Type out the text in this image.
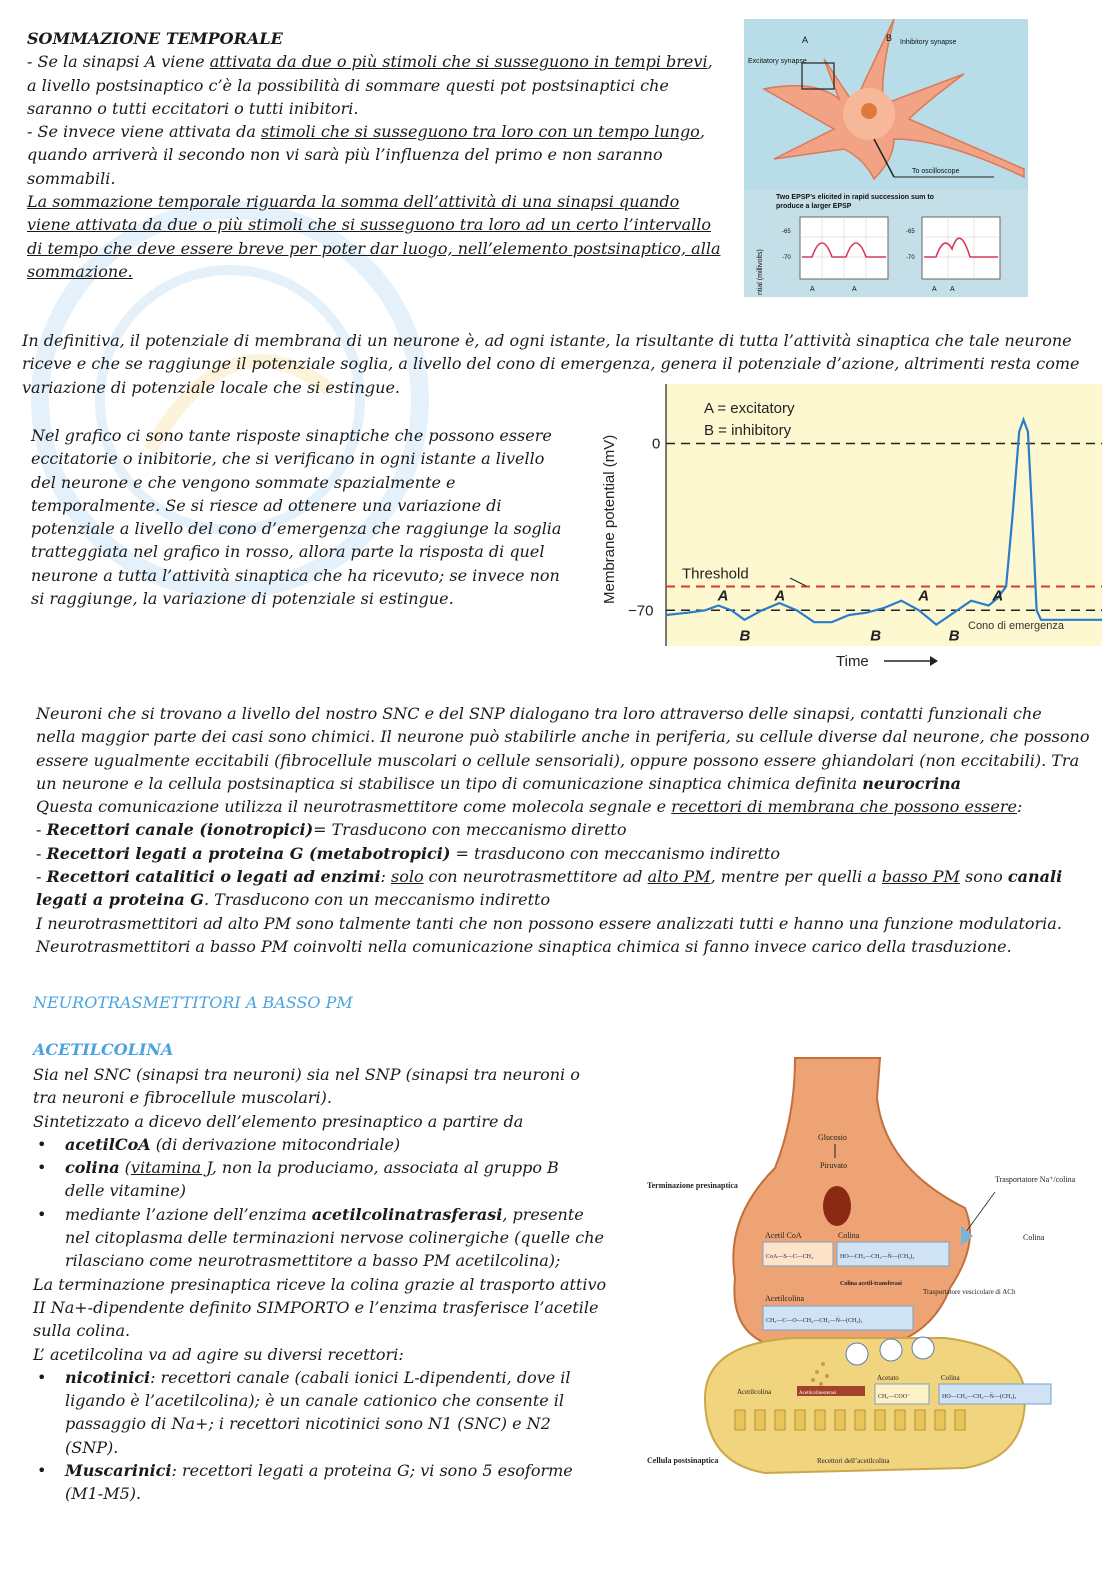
SOMMAZIONE TEMPORALE
- Se la sinapsi A viene attivata da due o più stimoli che si susseguono in tempi brevi,
a livello postsinaptico c’è la possibilità di sommare questi pot postsinaptici che
saranno o tutti eccitatori o tutti inibitori.
- Se invece viene attivata da stimoli che si susseguono tra loro con un tempo lungo,
quando arriverà il secondo non vi sarà più l’influenza del primo e non saranno
sommabili.
La sommazione temporale riguarda la somma dell’attività di una sinapsi quando
viene attivata da due o più stimoli che si susseguono tra loro ad un certo l’intervallo
di tempo che deve essere breve per poter dar luogo, nell’elemento postsinaptico, alla
sommazione.
A	B Inhibitory synapse
Excitatory synapse
To oscilloscope
Two EPSP’s elicited in rapid succession sum to
produce a larger EPSP
ntial (millivolts)
-65
-70
-65
-70
A	A	A A
In definitiva, il potenziale di membrana di un neurone è, ad ogni istante, la risultante di tutta l’attività sinaptica che tale neurone
riceve e che se raggiunge il potenziale soglia, a livello del cono di emergenza, genera il potenziale d’azione, altrimenti resta come
variazione di potenziale locale che si estingue.
Nel grafico ci sono tante risposte sinaptiche che possono essere
eccitatorie o inibitorie, che si verificano in ogni istante a livello
del neurone e che vengono sommate spazialmente e
temporalmente. Se si riesce ad ottenere una variazione di
potenziale a livello del cono d’emergenza che raggiunge la soglia
tratteggiata nel grafico in rosso, allora parte la risposta di quel
neurone a tutta l’attività sinaptica che ha ricevuto; se invece non
si raggiunge, la variazione di potenziale si estingue.	Membrane potential (mV)
A = excitatory
B = inhibitory
0
−70
Threshold
A	A
B	B
A
B
A
Cono di emergenza
Time
Neuroni che si trovano a livello del nostro SNC e del SNP dialogano tra loro attraverso delle sinapsi, contatti funzionali che
nella maggior parte dei casi sono chimici. Il neurone può stabilirle anche in periferia, su cellule diverse dal neurone, che possono
essere ugualmente eccitabili (fibrocellule muscolari o cellule sensoriali), oppure possono essere ghiandolari (non eccitabili). Tra
un neurone e la cellula postsinaptica si stabilisce un tipo di comunicazione sinaptica chimica definita neurocrina
Questa comunicazione utilizza il neurotrasmettitore come molecola segnale e recettori di membrana che possono essere:
- Recettori canale (ionotropici)= Trasducono con meccanismo diretto
- Recettori legati a proteina G (metabotropici) = trasducono con meccanismo indiretto
- Recettori catalitici o legati ad enzimi: solo con neurotrasmettitore ad alto PM, mentre per quelli a basso PM sono canali
legati a proteina G. Trasducono con un meccanismo indiretto
I neurotrasmettitori ad alto PM sono talmente tanti che non possono essere analizzati tutti e hanno una funzione modulatoria.
Neurotrasmettitori a basso PM coinvolti nella comunicazione sinaptica chimica si fanno invece carico della trasduzione.
NEUROTRASMETTITORI A BASSO PM
ACETILCOLINA
Sia nel SNC (sinapsi tra neuroni) sia nel SNP (sinapsi tra neuroni o
tra neuroni e fibrocellule muscolari).
Sintetizzato a dicevo dell’elemento presinaptico a partire da
• acetilCoA (di derivazione mitocondriale)
• colina (vitamina J, non la produciamo, associata al gruppo B delle vitamine)
• mediante l’azione dell’enzima acetilcolinatrasferasi, presente nel citoplasma delle terminazioni nervose colinergiche (quelle che rilasciano come neurotrasmettitore a basso PM acetilcolina);
La terminazione presinaptica riceve la colina grazie al trasporto attivo
II Na+-dipendente definito SIMPORTO e l’enzima trasferisce l’acetile
sulla colina.
L’ acetilcolina va ad agire su diversi recettori:
• nicotinici: recettori canale (cabali ionici L-dipendenti, dove il ligando è l’acetilcolina); è un canale cationico che consente il passaggio di Na+; i recettori nicotinici sono N1 (SNC) e N2 (SNP).
• Muscarinici: recettori legati a proteina G; vi sono 5 esoforme (M1-M5).
Terminazione presinaptica
Cellula postsinaptica
Glucosio
Piruvato
Acetil CoA	Colina
CoA—S—C—CH₃	HO—CH₂—CH₂—N̈—(CH₃)₃
Colina acetil-transferasi
Acetilcolina
CH₃—C—O—CH₂—CH₂—N̈—(CH₃)₃
Trasportatore Na⁺/colina
Colina
Trasportatore vescicolare di ACh
Acetilcolina	Acetilcolinesterasi
Acetato
CH₃—COO⁻
Colina
HO—CH₂—CH₂—N̈—(CH₃)₃
Recettori dell’acetilcolina
